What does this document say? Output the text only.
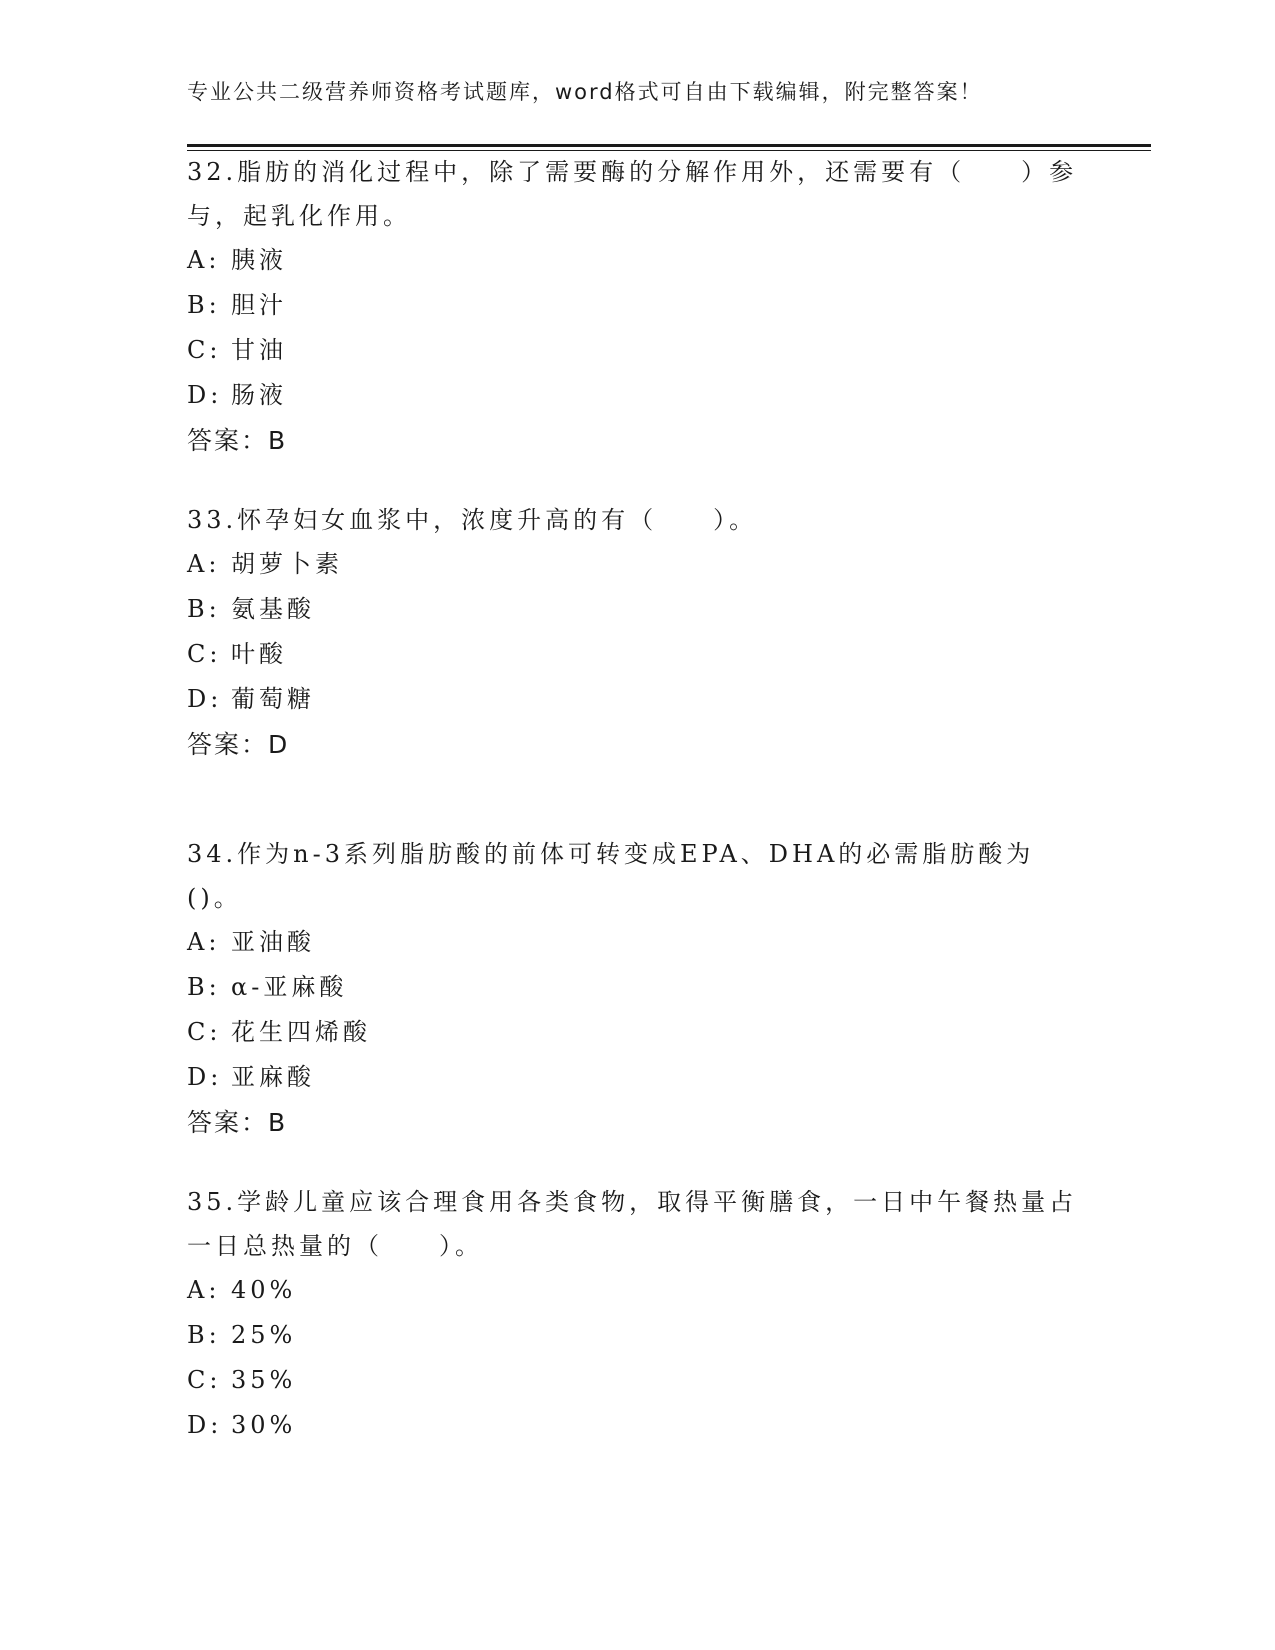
专业公共二级营养师资格考试题库，word格式可自由下载编辑，附完整答案！

32.脂肪的消化过程中，除了需要酶的分解作用外，还需要有（　　）参与，起乳化作用。

A: 胰液
B: 胆汁
C: 甘油
D: 肠液
答案：B

33.怀孕妇女血浆中，浓度升高的有（　　）。

A: 胡萝卜素
B: 氨基酸
C: 叶酸
D: 葡萄糖
答案：D

34.作为n-3系列脂肪酸的前体可转变成EPA、DHA的必需脂肪酸为()。

A: 亚油酸
B: α-亚麻酸
C: 花生四烯酸
D: 亚麻酸
答案：B

35.学龄儿童应该合理食用各类食物，取得平衡膳食，一日中午餐热量占一日总热量的（　　）。

A: 40%
B: 25%
C: 35%
D: 30%
